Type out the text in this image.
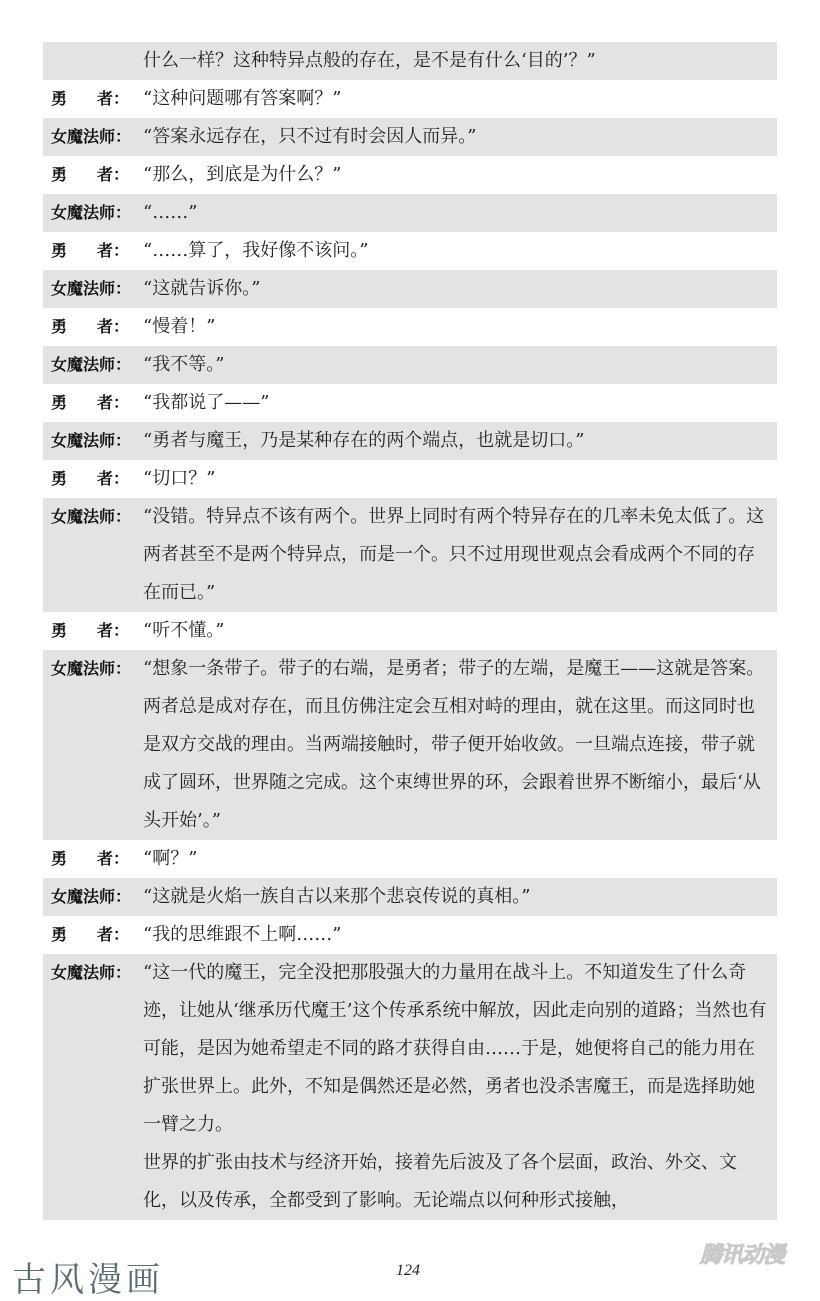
什么一样？这种特异点般的存在，是不是有什么‘目的’？”

勇 者： “这种问题哪有答案啊？”

女魔法师： “答案永远存在，只不过有时会因人而异。”

勇 者： “那么，到底是为什么？”

女魔法师： “……”

勇 者： “……算了，我好像不该问。”

女魔法师： “这就告诉你。”

勇 者： “慢着！”

女魔法师： “我不等。”

勇 者： “我都说了——”

女魔法师： “勇者与魔王，乃是某种存在的两个端点，也就是切口。”

勇 者： “切口？”

女魔法师： “没错。特异点不该有两个。世界上同时有两个特异存在的几率未免太低了。这两者甚至不是两个特异点，而是一个。只不过用现世观点会看成两个不同的存在而已。”

勇 者： “听不懂。”

女魔法师： “想象一条带子。带子的右端，是勇者；带子的左端，是魔王——这就是答案。两者总是成对存在，而且仿佛注定会互相对峙的理由，就在这里。而这同时也是双方交战的理由。当两端接触时，带子便开始收敛。一旦端点连接，带子就成了圆环，世界随之完成。这个束缚世界的环，会跟着世界不断缩小，最后‘从头开始’。”

勇 者： “啊？”

女魔法师： “这就是火焰一族自古以来那个悲哀传说的真相。”

勇 者： “我的思维跟不上啊……”

女魔法师： “这一代的魔王，完全没把那股强大的力量用在战斗上。不知道发生了什么奇迹，让她从‘继承历代魔王’这个传承系统中解放，因此走向别的道路；当然也有可能，是因为她希望走不同的路才获得自由……于是，她便将自己的能力用在扩张世界上。此外，不知是偶然还是必然，勇者也没杀害魔王，而是选择助她一臂之力。

世界的扩张由技术与经济开始，接着先后波及了各个层面，政治、外交、文化，以及传承，全都受到了影响。无论端点以何种形式接触，

古风漫画	124
腾讯动漫
